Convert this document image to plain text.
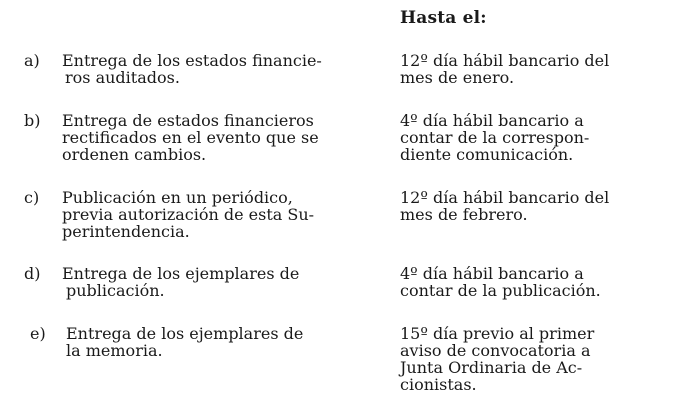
Hasta el:
a) Entrega de los estados financie-
ros auditados.
12º día hábil bancario del
mes de enero.
b) Entrega de estados financieros
rectificados en el evento que se
ordenen cambios.
4º día hábil bancario a
contar de la correspon-
diente comunicación.
c) Publicación en un periódico,
previa autorización de esta Su-
perintendencia.
12º día hábil bancario del
mes de febrero.
d) Entrega de los ejemplares de
publicación.
4º día hábil bancario a
contar de la publicación.
e) Entrega de los ejemplares de
la memoria.
15º día previo al primer
aviso de convocatoria a
Junta Ordinaria de Ac-
cionistas.
